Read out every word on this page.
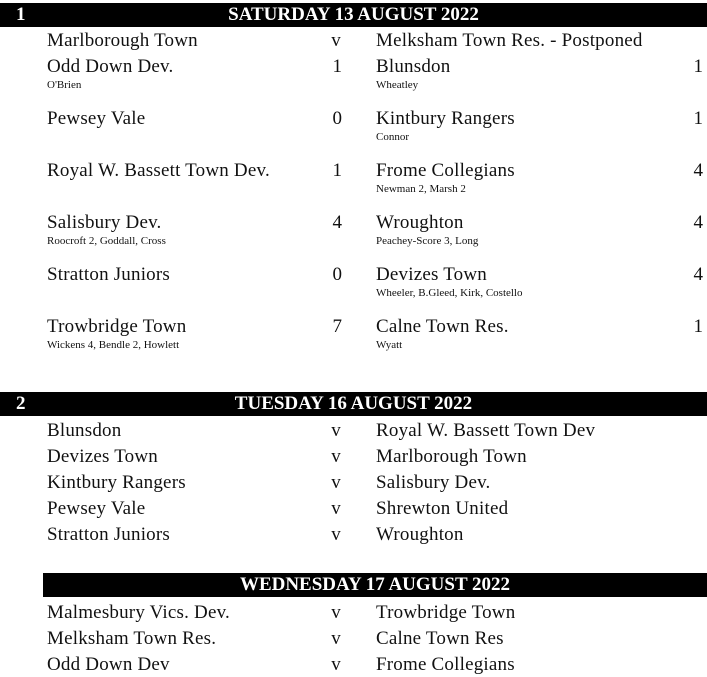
1	SATURDAY 13 AUGUST 2022
Marlborough Town	v Melksham Town Res. - Postponed
Odd Down Dev.	1 Blunsdon	1
O'Brien	Wheatley
Pewsey Vale	0 Kintbury Rangers	1
Connor
Royal W. Bassett Town Dev.	1 Frome Collegians	4
Newman 2, Marsh 2
Salisbury Dev.	4 Wroughton	4
Roocroft 2, Goddall, Cross	Peachey-Score 3, Long
Stratton Juniors	0 Devizes Town	4
Wheeler, B.Gleed, Kirk, Costello
Trowbridge Town	7 Calne Town Res.	1
Wickens 4, Bendle 2, Howlett	Wyatt
2	TUESDAY 16 AUGUST 2022
Blunsdon	v Royal W. Bassett Town Dev
Devizes Town	v Marlborough Town
Kintbury Rangers	v Salisbury Dev.
Pewsey Vale	v Shrewton United
Stratton Juniors	v Wroughton
WEDNESDAY 17 AUGUST 2022
Malmesbury Vics. Dev.	v Trowbridge Town
Melksham Town Res.	v Calne Town Res
Odd Down Dev	v Frome Collegians
